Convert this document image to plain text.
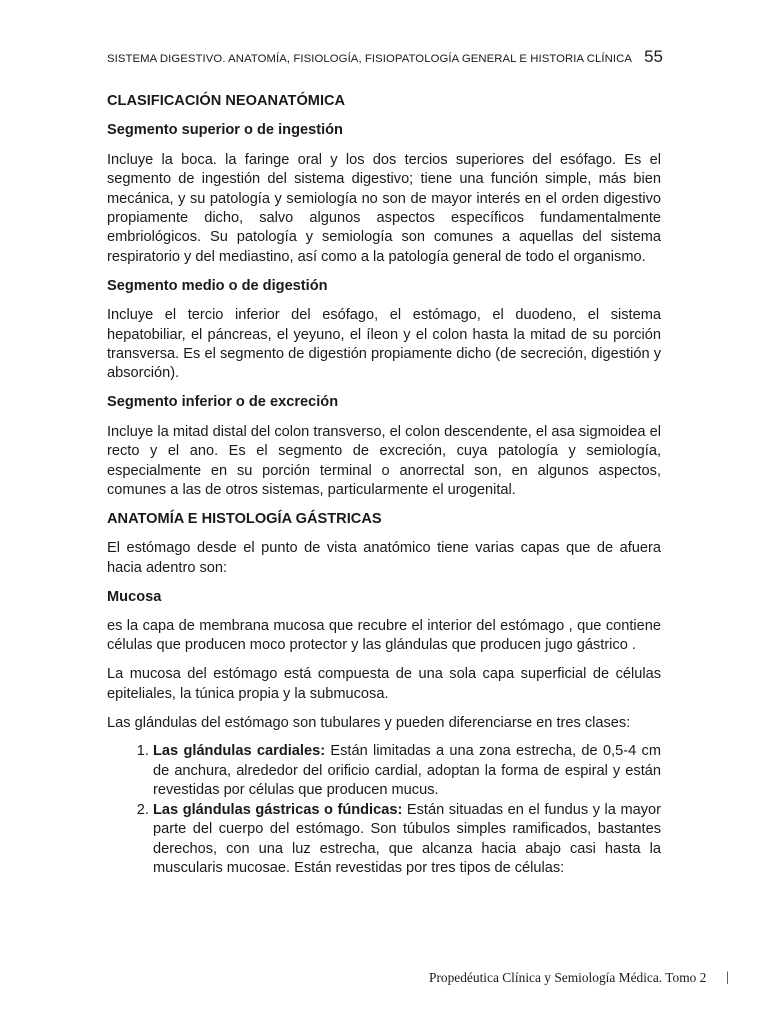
SISTEMA DIGESTIVO. ANATOMÍA, FISIOLOGÍA, FISIOPATOLOGÍA GENERAL E HISTORIA CLÍNICA 55
CLASIFICACIÓN NEOANATÓMICA
Segmento superior o de ingestión

Incluye la boca. la faringe oral y los dos tercios superiores del esófago. Es el segmento de ingestión del sistema digestivo; tiene una función simple, más bien mecánica, y su patología y semiología no son de mayor interés en el orden digestivo propiamente dicho, salvo algunos aspectos específicos fundamentalmente embriológicos. Su patología y semiología son comunes a aquellas del sistema respiratorio y del mediastino, así como a la patología general de todo el organismo.

Segmento medio o de digestión

Incluye el tercio inferior del esófago, el estómago, el duodeno, el sistema hepatobiliar, el páncreas, el yeyuno, el íleon y el colon hasta la mitad de su porción transversa. Es el segmento de digestión propiamente dicho (de secreción, digestión y absorción).

Segmento inferior o de excreción

Incluye la mitad distal del colon transverso, el colon descendente, el asa sigmoidea el recto y el ano. Es el segmento de excreción, cuya patología y semiología, especialmente en su porción terminal o anorrectal son, en algunos aspectos, comunes a las de otros sistemas, particularmente el urogenital.

ANATOMÍA E HISTOLOGÍA GÁSTRICAS

El estómago desde el punto de vista anatómico tiene varias capas que de afuera hacia adentro son:

Mucosa

es la capa de membrana mucosa que recubre el interior del estómago , que contiene células que producen moco protector y las glándulas que producen jugo gástrico .

La mucosa del estómago está compuesta de una sola capa superficial de células epiteliales, la túnica propia y la submucosa.

Las glándulas del estómago son tubulares y pueden diferenciarse en tres clases:

1. Las glándulas cardiales: Están limitadas a una zona estrecha, de 0,5-4 cm de anchura, alrededor del orificio cardial, adoptan la forma de espiral y están revestidas por células que producen mucus.
2. Las glándulas gástricas o fúndicas: Están situadas en el fundus y la mayor parte del cuerpo del estómago. Son túbulos simples ramificados, bastantes derechos, con una luz estrecha, que alcanza hacia abajo casi hasta la muscularis mucosae. Están revestidas por tres tipos de células:
Propedéutica Clínica y Semiología Médica. Tomo 2 |
